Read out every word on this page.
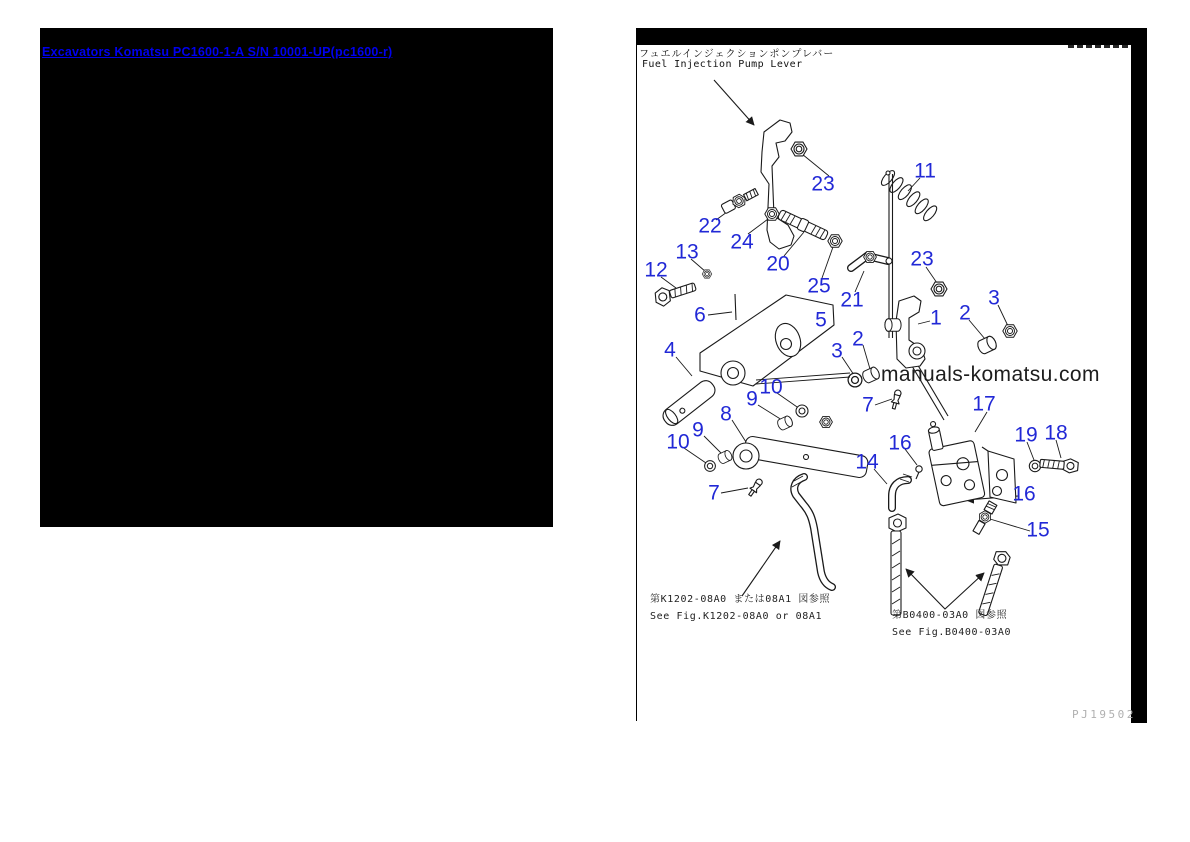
Excavators Komatsu PC1600-1-A S/N 10001-UP(pc1600-r)	フュエルインジェクションポンプレバー
Fuel Injection Pump Lever
23
11
22
24
20
25
13
12
21
23
6	5
4
1 2
3
2
3
7
10
9
8
9
10
7
17
16
14
19 18
16
15
第K1202-08A0 または08A1 図参照
See Fig.K1202-08A0 or 08A1	第B0400-03A0 図参照
See Fig.B0400-03A0
manuals-komatsu.com
PJ19502
